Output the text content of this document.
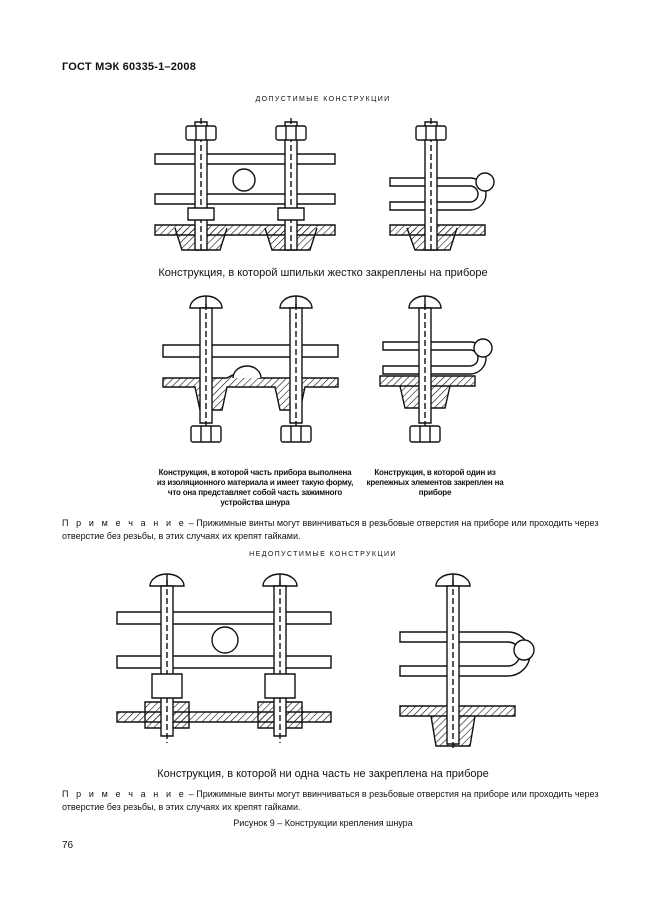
ГОСТ МЭК 60335-1–2008
ДОПУСТИМЫЕ КОНСТРУКЦИИ
Конструкция, в которой шпильки жестко закреплены на приборе
Конструкция, в которой часть прибора выполнена из изоляционного материала и имеет такую форму, что она представляет собой часть зажимного устройства шнура
Конструкция, в которой один из крепежных элементов закреплен на приборе
П р и м е ч а н и е – Прижимные винты могут ввинчиваться в резьбовые отверстия на приборе или проходить через отверстие без резьбы, в этих случаях их крепят гайками.
НЕДОПУСТИМЫЕ КОНСТРУКЦИИ
Конструкция, в которой ни одна часть не закреплена на приборе
П р и м е ч а н и е – Прижимные винты могут ввинчиваться в резьбовые отверстия на приборе или проходить через отверстие без резьбы, в этих случаях их крепят гайками.
Рисунок 9 – Конструкции крепления шнура
76
